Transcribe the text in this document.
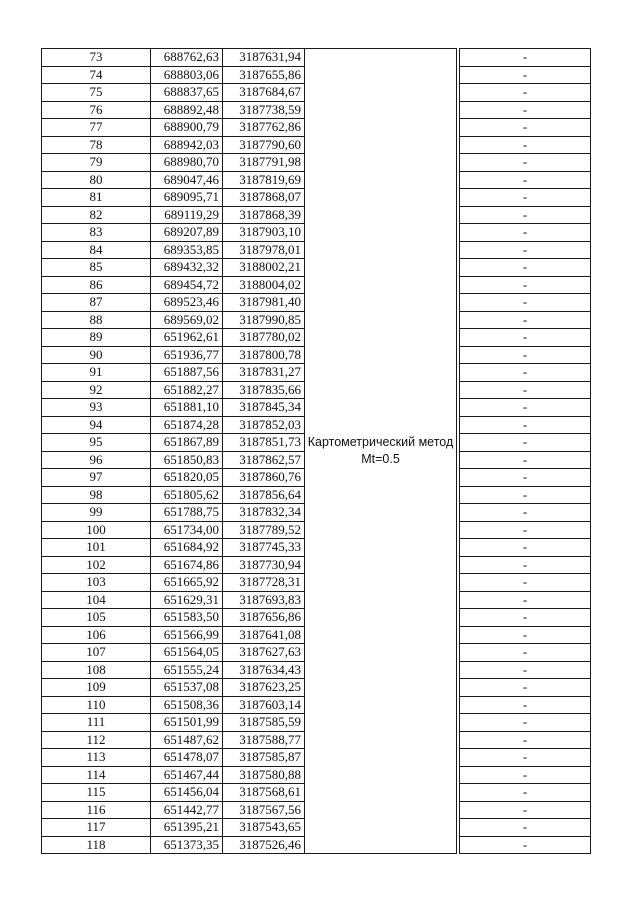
73	688762,63	3187631,94	Картометрический метод Mt=0.5		-
74	688803,06	3187655,86			-
75	688837,65	3187684,67			-
76	688892,48	3187738,59			-
77	688900,79	3187762,86			-
78	688942,03	3187790,60			-
79	688980,70	3187791,98			-
80	689047,46	3187819,69			-
81	689095,71	3187868,07			-
82	689119,29	3187868,39			-
83	689207,89	3187903,10			-
84	689353,85	3187978,01			-
85	689432,32	3188002,21			-
86	689454,72	3188004,02			-
87	689523,46	3187981,40			-
88	689569,02	3187990,85			-
89	651962,61	3187780,02			-
90	651936,77	3187800,78			-
91	651887,56	3187831,27			-
92	651882,27	3187835,66			-
93	651881,10	3187845,34			-
94	651874,28	3187852,03			-
95	651867,89	3187851,73			-
96	651850,83	3187862,57			-
97	651820,05	3187860,76			-
98	651805,62	3187856,64			-
99	651788,75	3187832,34			-
100	651734,00	3187789,52			-
101	651684,92	3187745,33			-
102	651674,86	3187730,94			-
103	651665,92	3187728,31			-
104	651629,31	3187693,83			-
105	651583,50	3187656,86			-
106	651566,99	3187641,08			-
107	651564,05	3187627,63			-
108	651555,24	3187634,43			-
109	651537,08	3187623,25			-
110	651508,36	3187603,14			-
111	651501,99	3187585,59			-
112	651487,62	3187588,77			-
113	651478,07	3187585,87			-
114	651467,44	3187580,88			-
115	651456,04	3187568,61			-
116	651442,77	3187567,56			-
117	651395,21	3187543,65			-
118	651373,35	3187526,46			-
